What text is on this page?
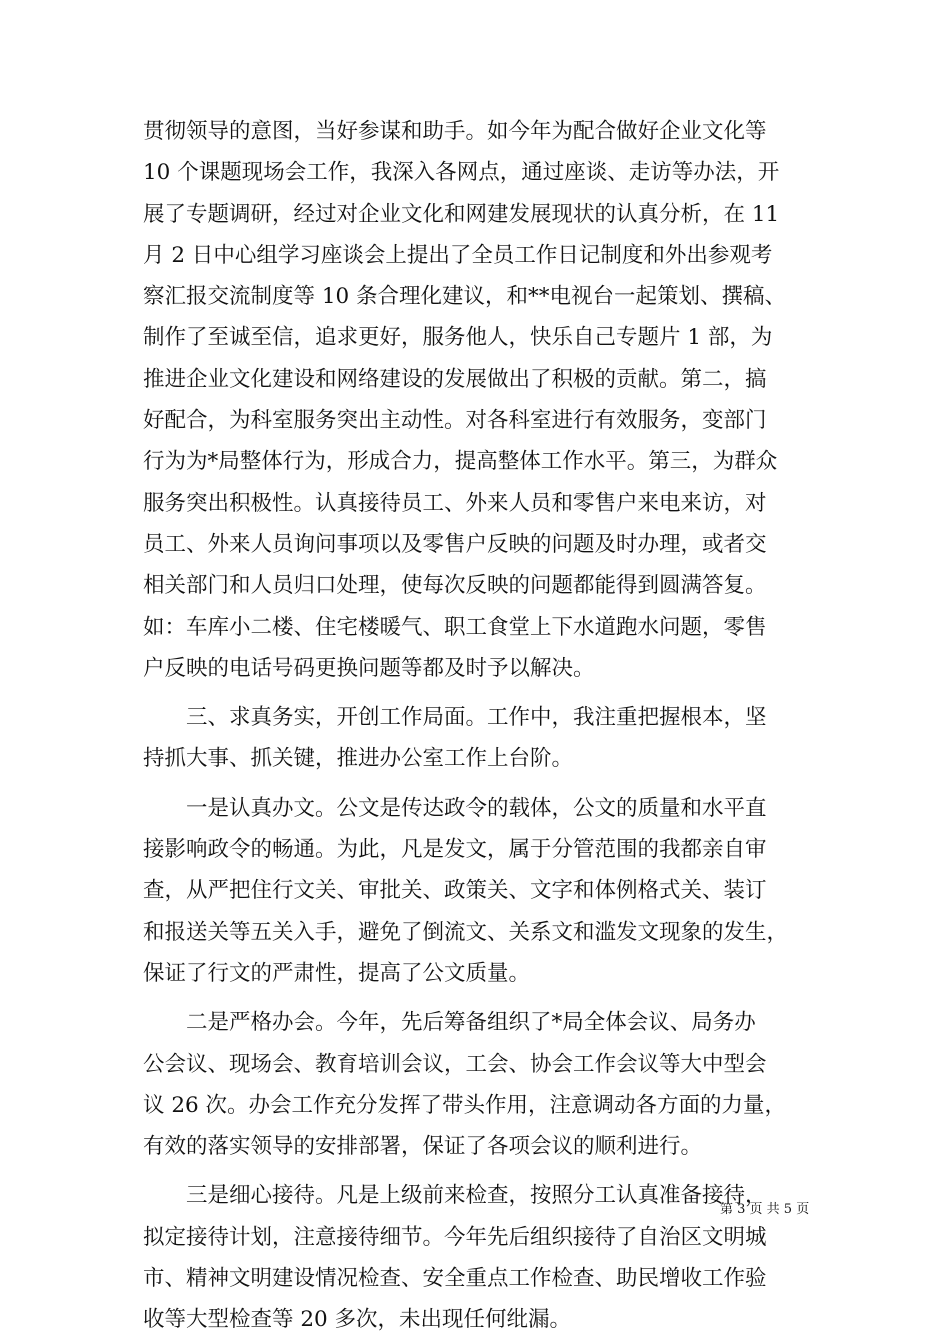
贯彻领导的意图，当好参谋和助手。如今年为配合做好企业文化等
10 个课题现场会工作，我深入各网点，通过座谈、走访等办法，开
展了专题调研，经过对企业文化和网建发展现状的认真分析，在 11
月 2 日中心组学习座谈会上提出了全员工作日记制度和外出参观考
察汇报交流制度等 10 条合理化建议，和**电视台一起策划、撰稿、
制作了至诚至信，追求更好，服务他人，快乐自己专题片 1 部，为
推进企业文化建设和网络建设的发展做出了积极的贡献。第二，搞
好配合，为科室服务突出主动性。对各科室进行有效服务，变部门
行为为*局整体行为，形成合力，提高整体工作水平。第三，为群众
服务突出积极性。认真接待员工、外来人员和零售户来电来访，对
员工、外来人员询问事项以及零售户反映的问题及时办理，或者交
相关部门和人员归口处理，使每次反映的问题都能得到圆满答复。
如：车库小二楼、住宅楼暖气、职工食堂上下水道跑水问题，零售
户反映的电话号码更换问题等都及时予以解决。
　　三、求真务实，开创工作局面。工作中，我注重把握根本，坚
持抓大事、抓关键，推进办公室工作上台阶。
　　一是认真办文。公文是传达政令的载体，公文的质量和水平直
接影响政令的畅通。为此，凡是发文，属于分管范围的我都亲自审
查，从严把住行文关、审批关、政策关、文字和体例格式关、装订
和报送关等五关入手，避免了倒流文、关系文和滥发文现象的发生，
保证了行文的严肃性，提高了公文质量。
　　二是严格办会。今年，先后筹备组织了*局全体会议、局务办
公会议、现场会、教育培训会议，工会、协会工作会议等大中型会
议 26 次。办会工作充分发挥了带头作用，注意调动各方面的力量，
有效的落实领导的安排部署，保证了各项会议的顺利进行。
　　三是细心接待。凡是上级前来检查，按照分工认真准备接待，
拟定接待计划，注意接待细节。今年先后组织接待了自治区文明城
市、精神文明建设情况检查、安全重点工作检查、助民增收工作验
收等大型检查等 20 多次，未出现任何纰漏。
第 3 页 共 5 页
